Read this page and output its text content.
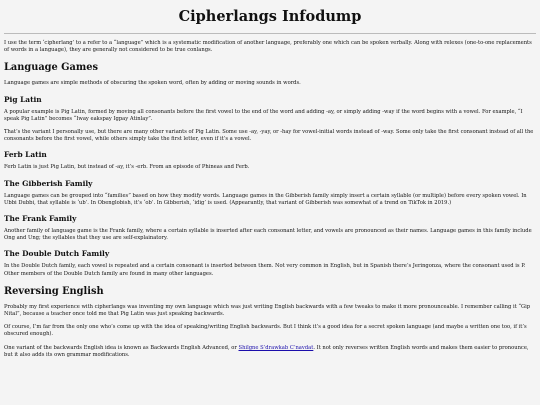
Cipherlangs Infodump

I use the term ‘cipherlang’ to a refer to a “language” which is a systematic modification of another language, preferably one which can be spoken verbally. Along with relexes (one-to-one replacements of words in a language), they are generally not considered to be true conlangs.

Language Games

Language games are simple methods of obscuring the spoken word, often by adding or moving sounds in words.

Pig Latin

A popular example is Pig Latin, formed by moving all consonants before the first vowel to the end of the word and adding -ay, or simply adding -way if the word begins with a vowel. For example, “I speak Pig Latin” becomes “Iway eakspay Igpay Atinlay”.

That’s the variant I personally use, but there are many other variants of Pig Latin. Some use -ay, -yay, or -hay for vowel-initial words instead of -way. Some only take the first consonant instead of all the consonants before the first vowel, while others simply take the first letter, even if it’s a vowel.

Ferb Latin

Ferb Latin is just Pig Latin, but instead of -ay, it’s -erb. From an episode of Phineas and Ferb.

The Gibberish Family

Language games can be grouped into “families” based on how they modify words. Language games in the Gibberish family simply insert a certain syllable (or multiple) before every spoken vowel. In Ubbi Dubbi, that syllable is ‘ub’. In Obenglobish, it’s ‘ob’. In Gibberish, ‘idig’ is used. (Appearantly, that variant of Gibberish was somewhat of a trend on TikTok in 2019.)

The Frank Family

Another family of language game is the Frank family, where a certain syllable is inserted after each consonant letter, and vowels are pronounced as their names. Language games in this family include Ong and Ung; the syllables that they use are self-explainatory.

The Double Dutch Family

In the Double Dutch family, each vowel is repeated and a certain consonant is inserted between them. Not very common in English, but in Spanish there’s Jeringonza, where the consonant used is P. Other members of the Double Dutch family are found in many other languages.

Reversing English

Probably my first experience with cipherlangs was inventing my own language which was just writing English backwards with a few tweaks to make it more pronounceable. I remember calling it “Gip Nital”, because a teacher once told me that Pig Latin was just speaking backwards.

Of course, I’m far from the only one who’s come up with the idea of speaking/writing English backwards. But I think it’s a good idea for a secret spoken language (and maybe a written one too, if it’s obscured enough).

One variant of the backwards English idea is known as Backwards English Advanced, or Shilgne S’drawkab C’navdat. It not only reverses written English words and makes them easier to pronounce, but it also adds its own grammar modifications.
